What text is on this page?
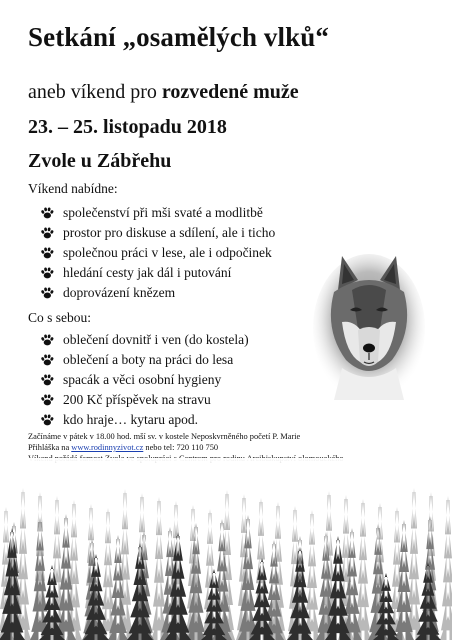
Setkání „osamělých vlků“
aneb víkend pro rozvedené muže
23. – 25. listopadu 2018
Zvole u Zábřehu
Víkend nabídne:
společenství při mši svaté a modlitbě
prostor pro diskuse a sdílení, ale i ticho
společnou práci v lese, ale i odpočinek
hledání cesty jak dál i putování
doprovázení knězem
Co s sebou:
oblečení dovnitř i ven (do kostela)
oblečení a boty na práci do lesa
spacák a věci osobní hygieny
200 Kč příspěvek na stravu
kdo hraje… kytaru apod.
Začínáme v pátek v 18.00 hod. mší sv. v kostele Neposkvrněného početí P. Marie
Přihláška na www.rodinnyzivot.cz nebo tel: 720 110 750
